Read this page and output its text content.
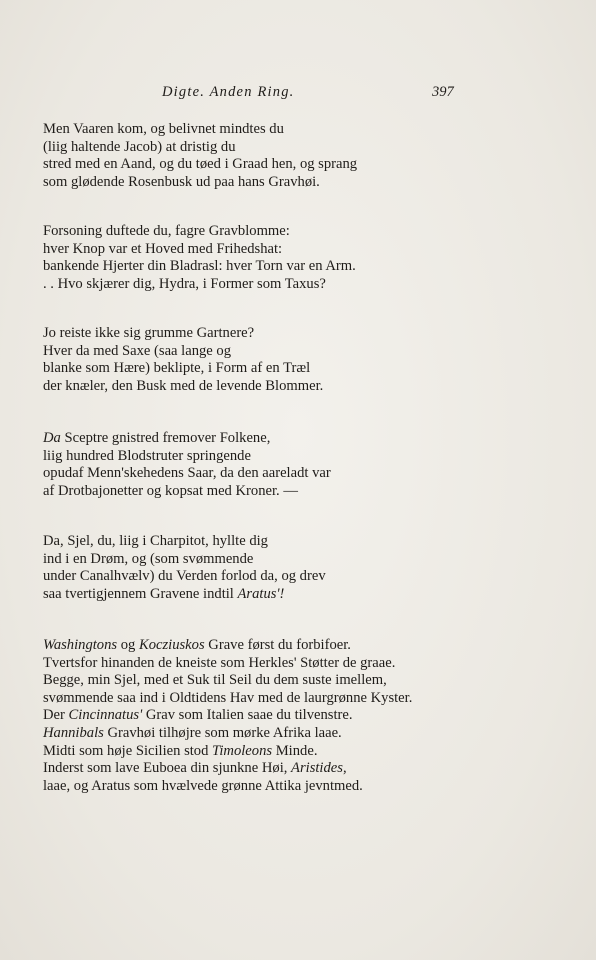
Digte. Anden Ring.	397
Men Vaaren kom, og belivnet mindtes du
(liig haltende Jacob) at dristig du
stred med en Aand, og du tøed i Graad hen, og sprang
som glødende Rosenbusk ud paa hans Gravhøi.
Forsoning duftede du, fagre Gravblomme:
hver Knop var et Hoved med Frihedshat:
bankende Hjerter din Bladrasl: hver Torn var en Arm.
. . Hvo skjærer dig, Hydra, i Former som Taxus?
Jo reiste ikke sig grumme Gartnere?
Hver da med Saxe (saa lange og
blanke som Hære) beklipte, i Form af en Træl
der knæler, den Busk med de levende Blommer.
Da Sceptre gnistred fremover Folkene,
liig hundred Blodstruter springende
opudaf Menn'skehedens Saar, da den aareladt var
af Drotbajonetter og kopsat med Kroner. —
Da, Sjel, du, liig i Charpitot, hyllte dig
ind i en Drøm, og (som svømmende
under Canalhvælv) du Verden forlod da, og drev
saa tvertigjennem Gravene indtil Aratus'!
Washingtons og Kocziuskos Grave først du forbifoer.
Tvertsfor hinanden de kneiste som Herkles' Støtter de graae.
Begge, min Sjel, med et Suk til Seil du dem suste imellem,
svømmende saa ind i Oldtidens Hav med de laurgrønne Kyster.
Der Cincinnatus' Grav som Italien saae du tilvenstre.
Hannibals Gravhøi tilhøjre som mørke Afrika laae.
Midti som høje Sicilien stod Timoleons Minde.
Inderst som lave Euboea din sjunkne Høi, Aristides,
laae, og Aratus som hvælvede grønne Attika jevntmed.
